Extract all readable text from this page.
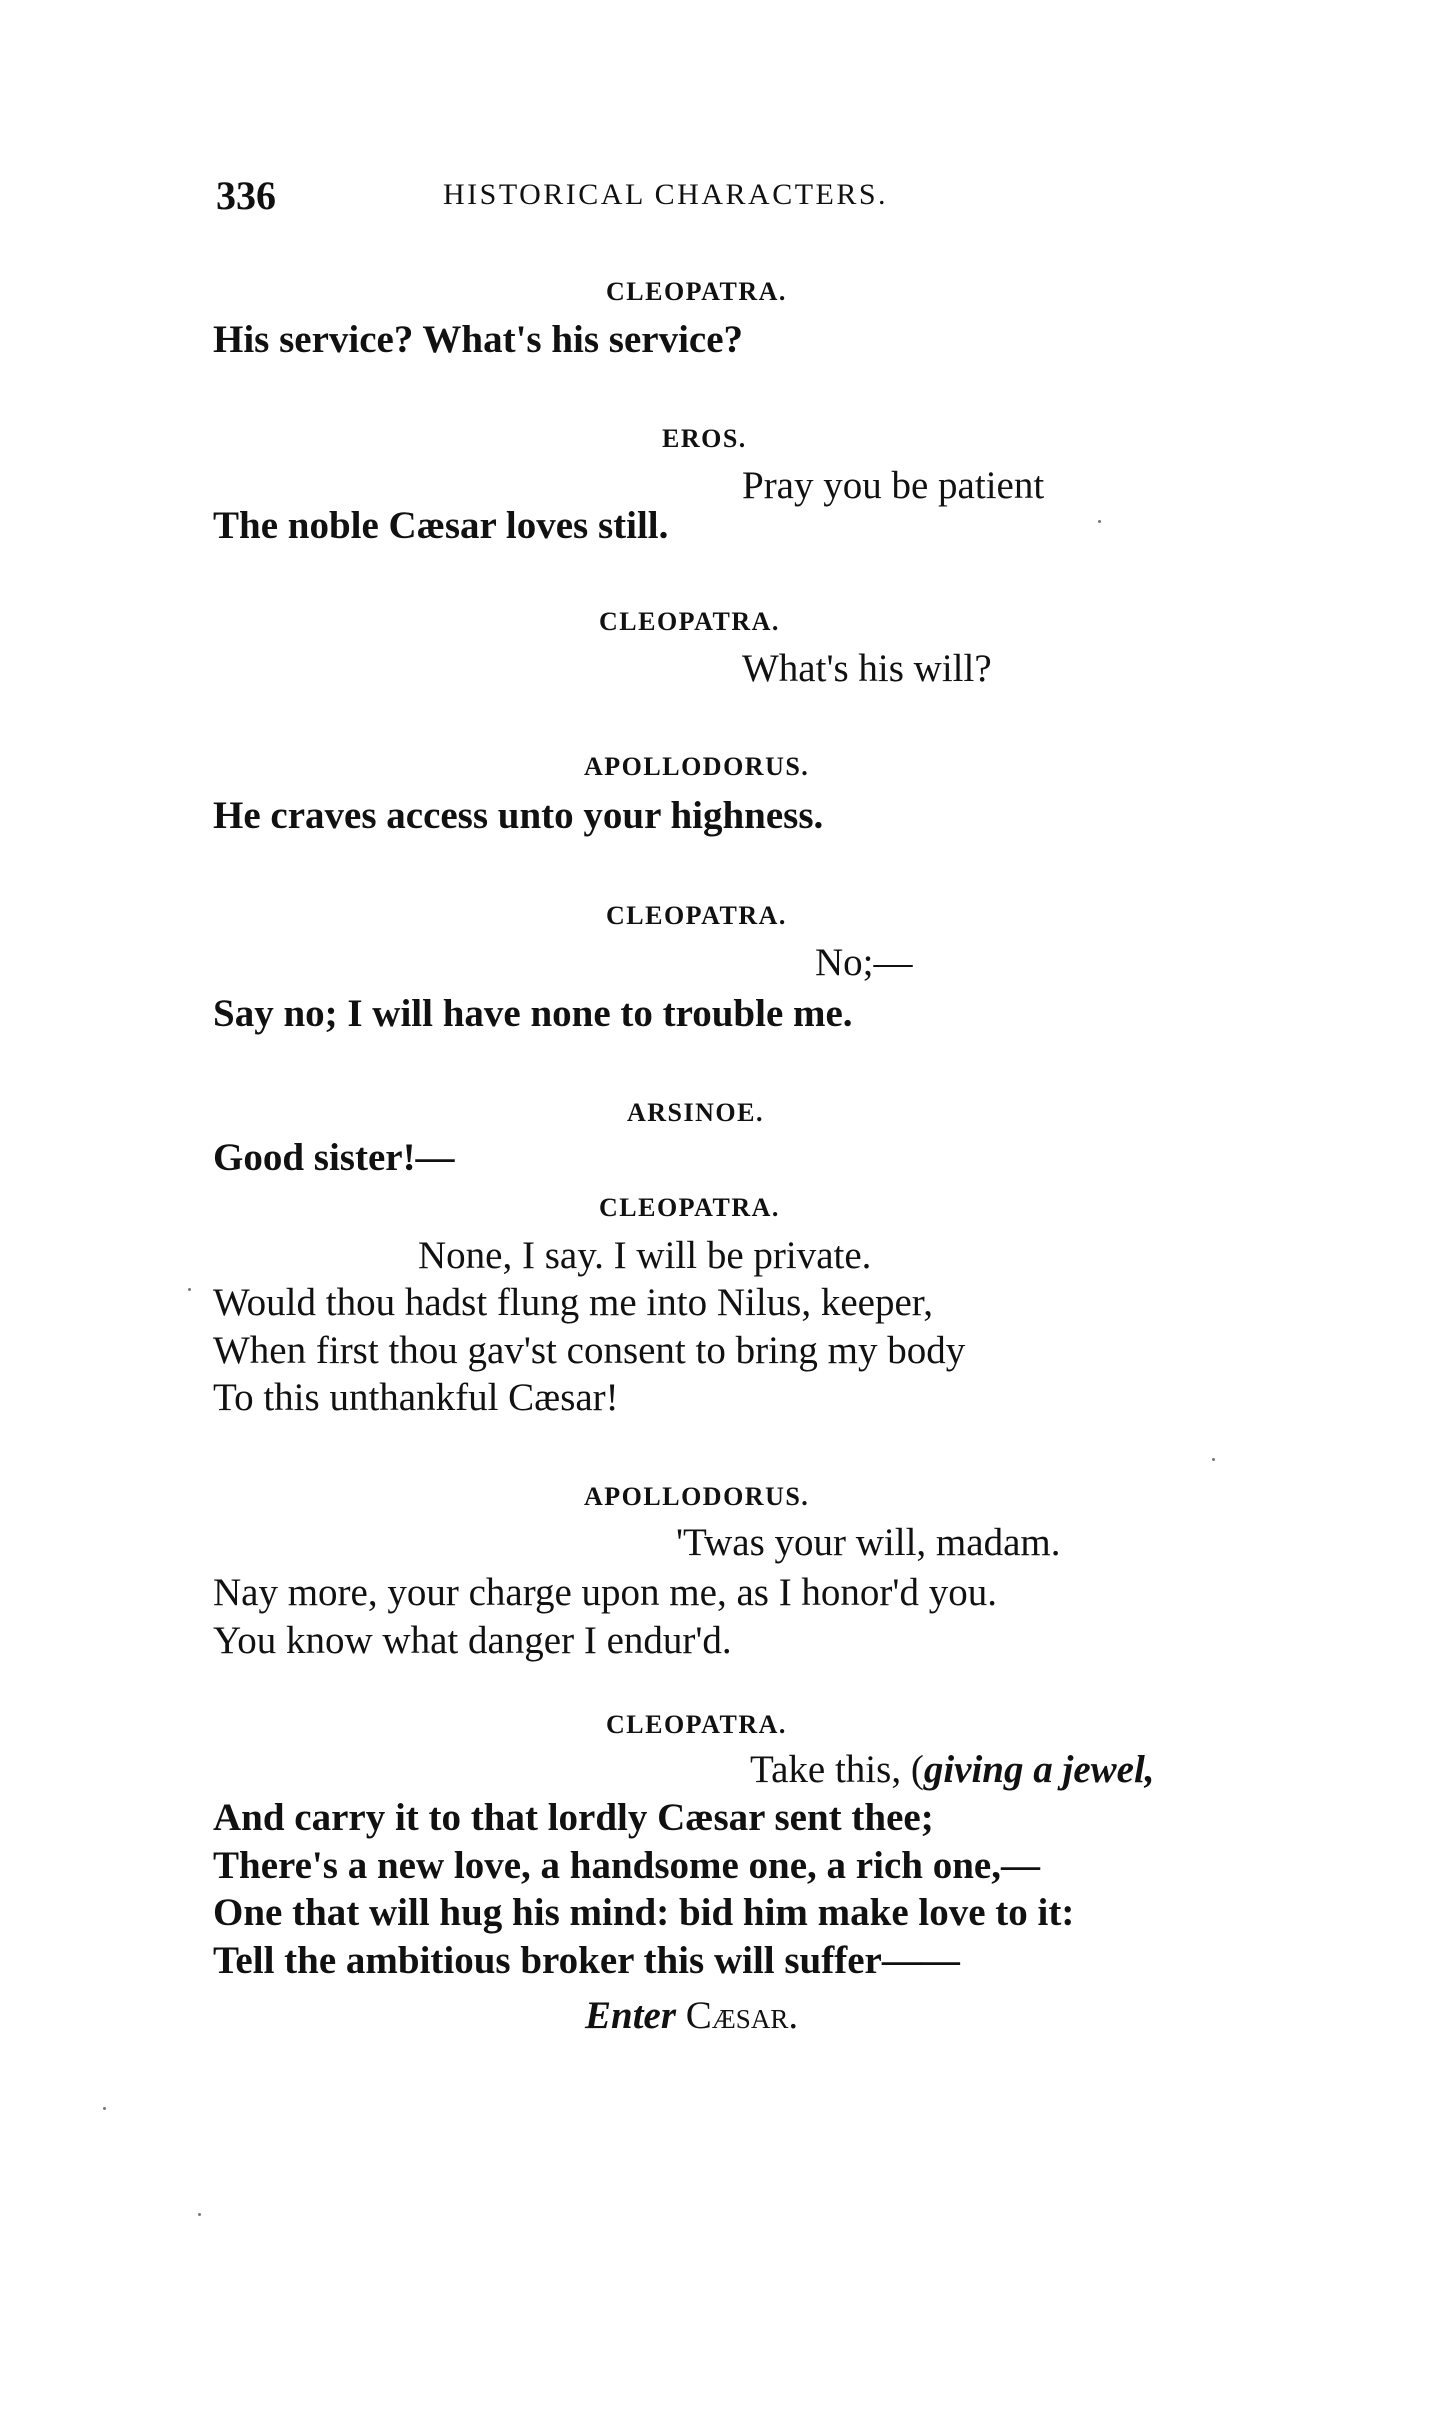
336	HISTORICAL CHARACTERS.
CLEOPATRA.
His service? What's his service?
EROS.
Pray you be patient
The noble Cæsar loves still.
CLEOPATRA.
What's his will?
APOLLODORUS.
He craves access unto your highness.
CLEOPATRA.
No;—
Say no; I will have none to trouble me.
ARSINOE.
Good sister!—
CLEOPATRA.
None, I say. I will be private.
Would thou hadst flung me into Nilus, keeper,
When first thou gav'st consent to bring my body
To this unthankful Cæsar!
APOLLODORUS.
'Twas your will, madam.
Nay more, your charge upon me, as I honor'd you.
You know what danger I endur'd.
CLEOPATRA.
Take this, (giving a jewel,
And carry it to that lordly Cæsar sent thee;
There's a new love, a handsome one, a rich one,—
One that will hug his mind: bid him make love to it:
Tell the ambitious broker this will suffer——
Enter Cæsar.
